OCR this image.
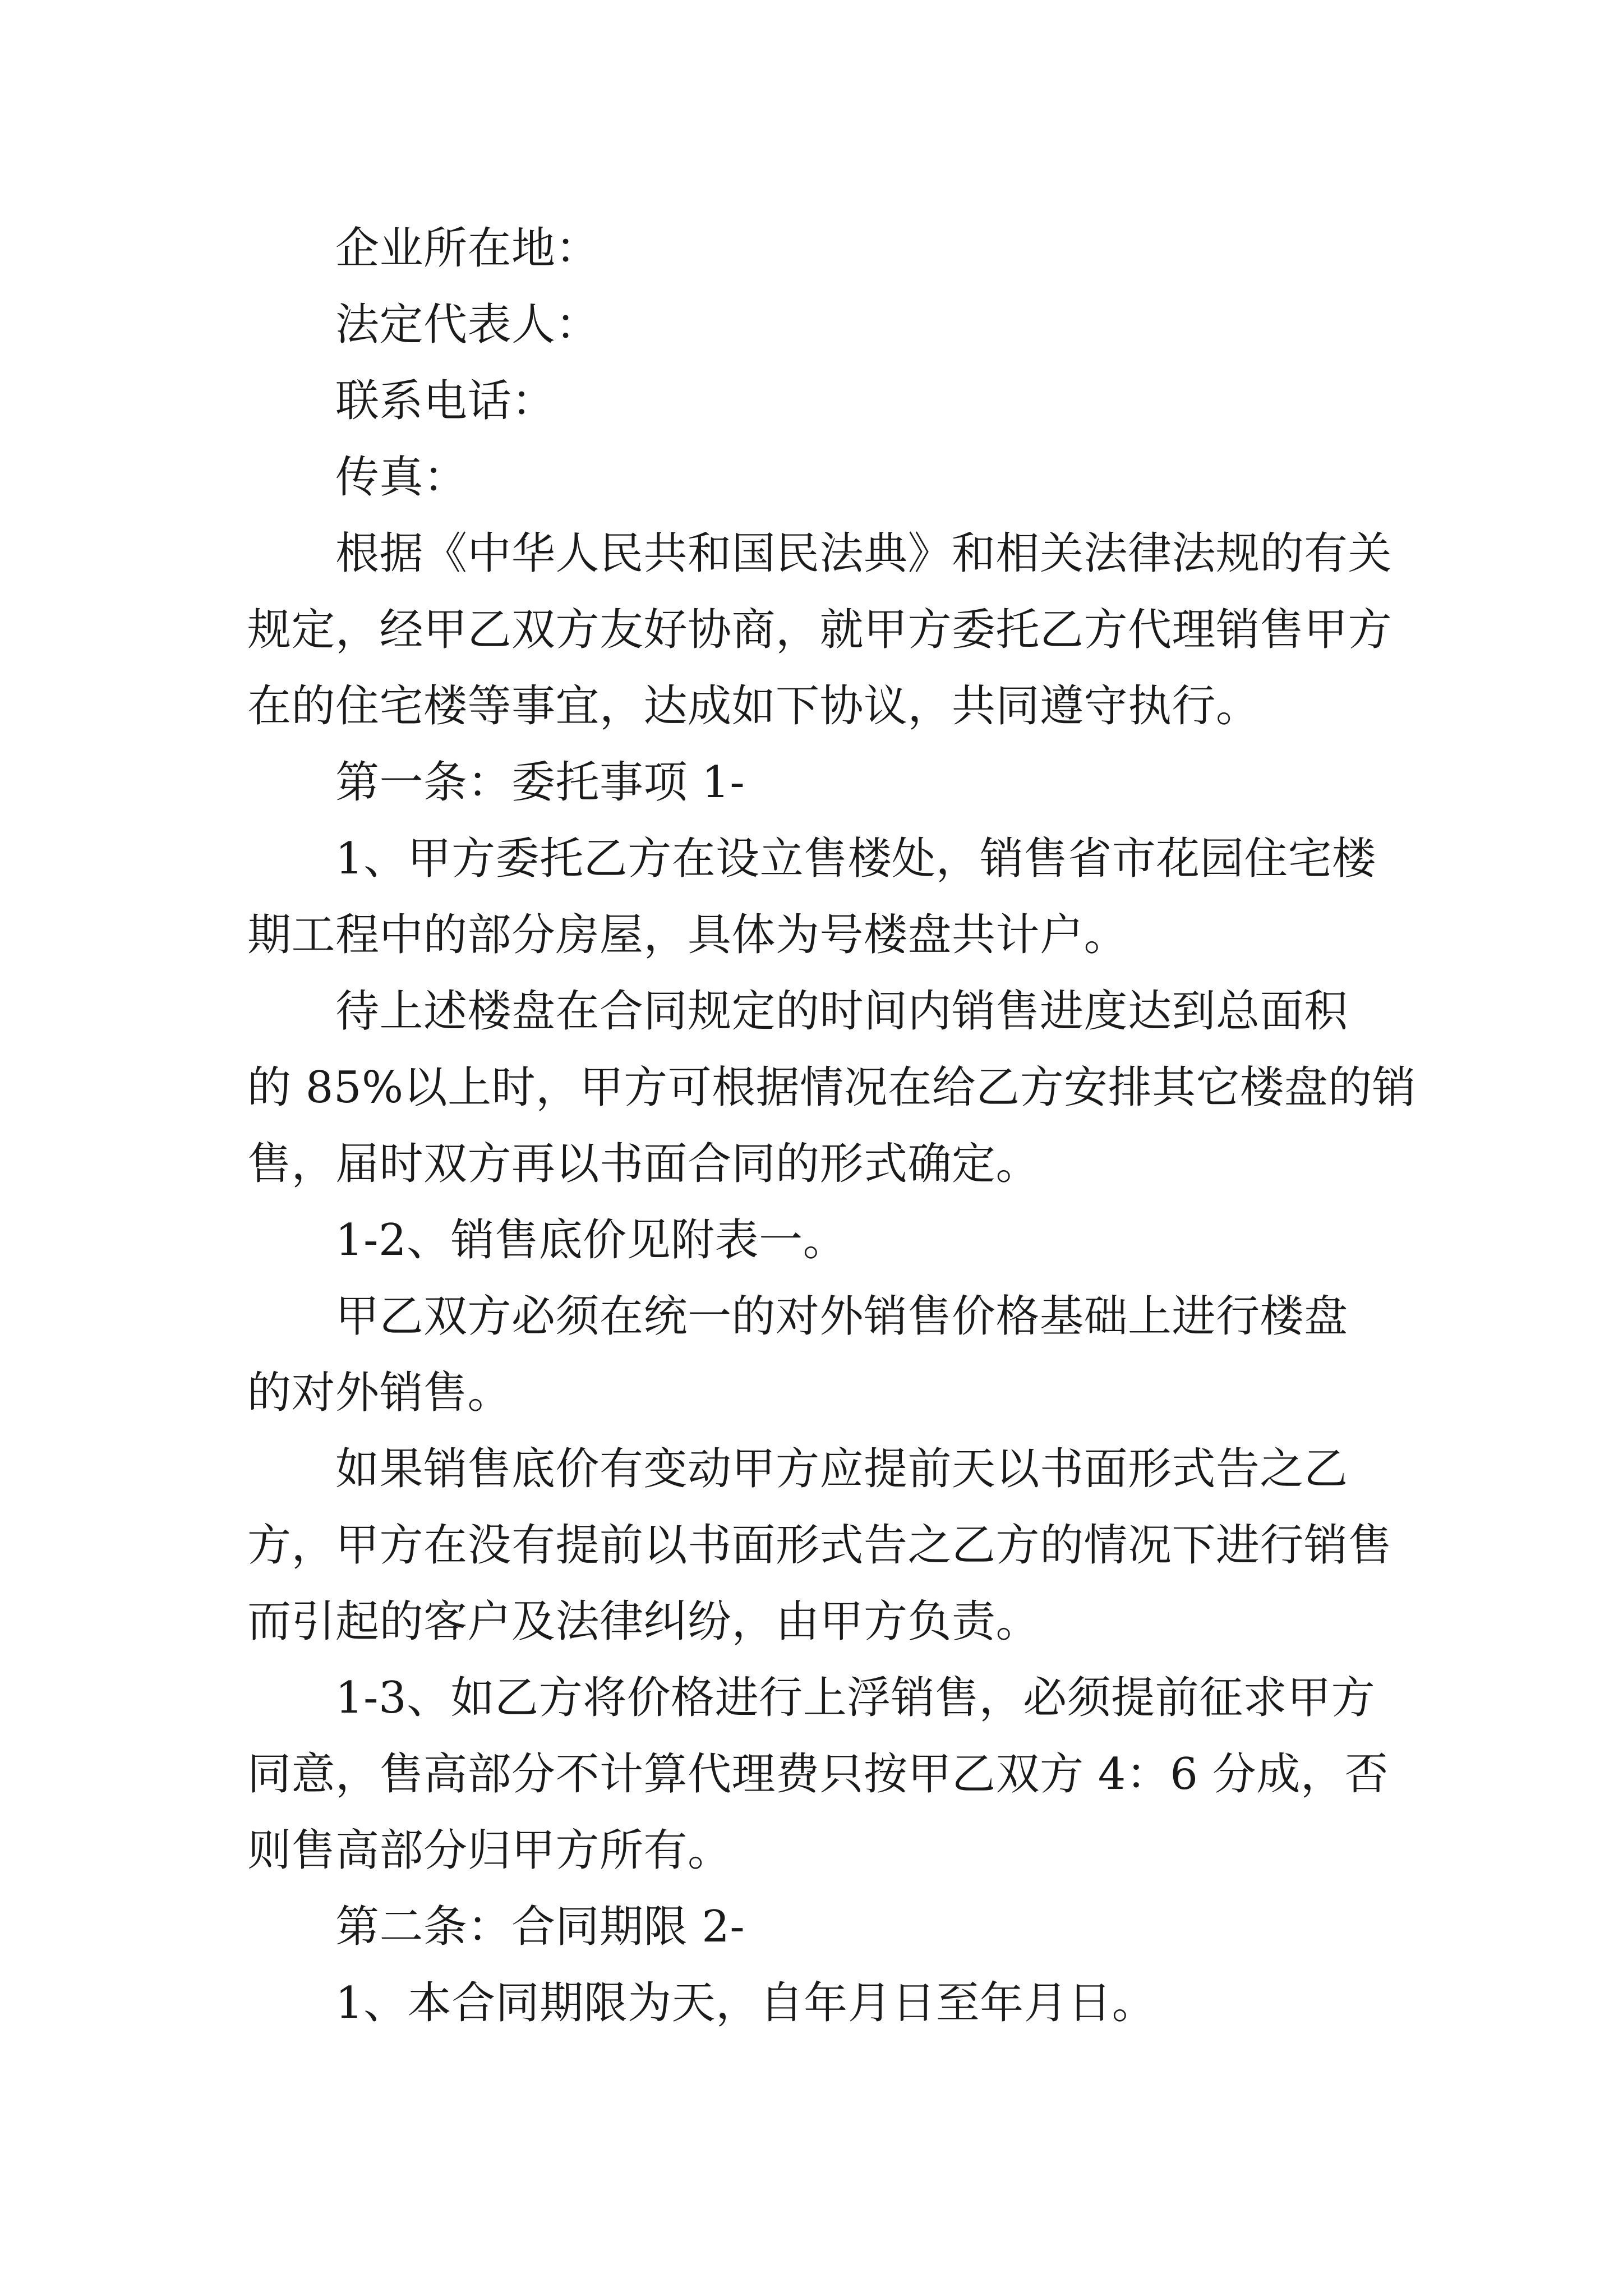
企业所在地：
法定代表人：
联系电话：
传真：
根据《中华人民共和国民法典》和相关法律法规的有关
规定，经甲乙双方友好协商，就甲方委托乙方代理销售甲方
在的住宅楼等事宜，达成如下协议，共同遵守执行。
第一条：委托事项 1-
1、甲方委托乙方在设立售楼处，销售省市花园住宅楼
期工程中的部分房屋，具体为号楼盘共计户。
待上述楼盘在合同规定的时间内销售进度达到总面积
的 85%以上时，甲方可根据情况在给乙方安排其它楼盘的销
售，届时双方再以书面合同的形式确定。
1-2、销售底价见附表一。
甲乙双方必须在统一的对外销售价格基础上进行楼盘
的对外销售。
如果销售底价有变动甲方应提前天以书面形式告之乙
方，甲方在没有提前以书面形式告之乙方的情况下进行销售
而引起的客户及法律纠纷，由甲方负责。
1-3、如乙方将价格进行上浮销售，必须提前征求甲方
同意，售高部分不计算代理费只按甲乙双方 4：6 分成，否
则售高部分归甲方所有。
第二条：合同期限 2-
1、本合同期限为天，自年月日至年月日。
